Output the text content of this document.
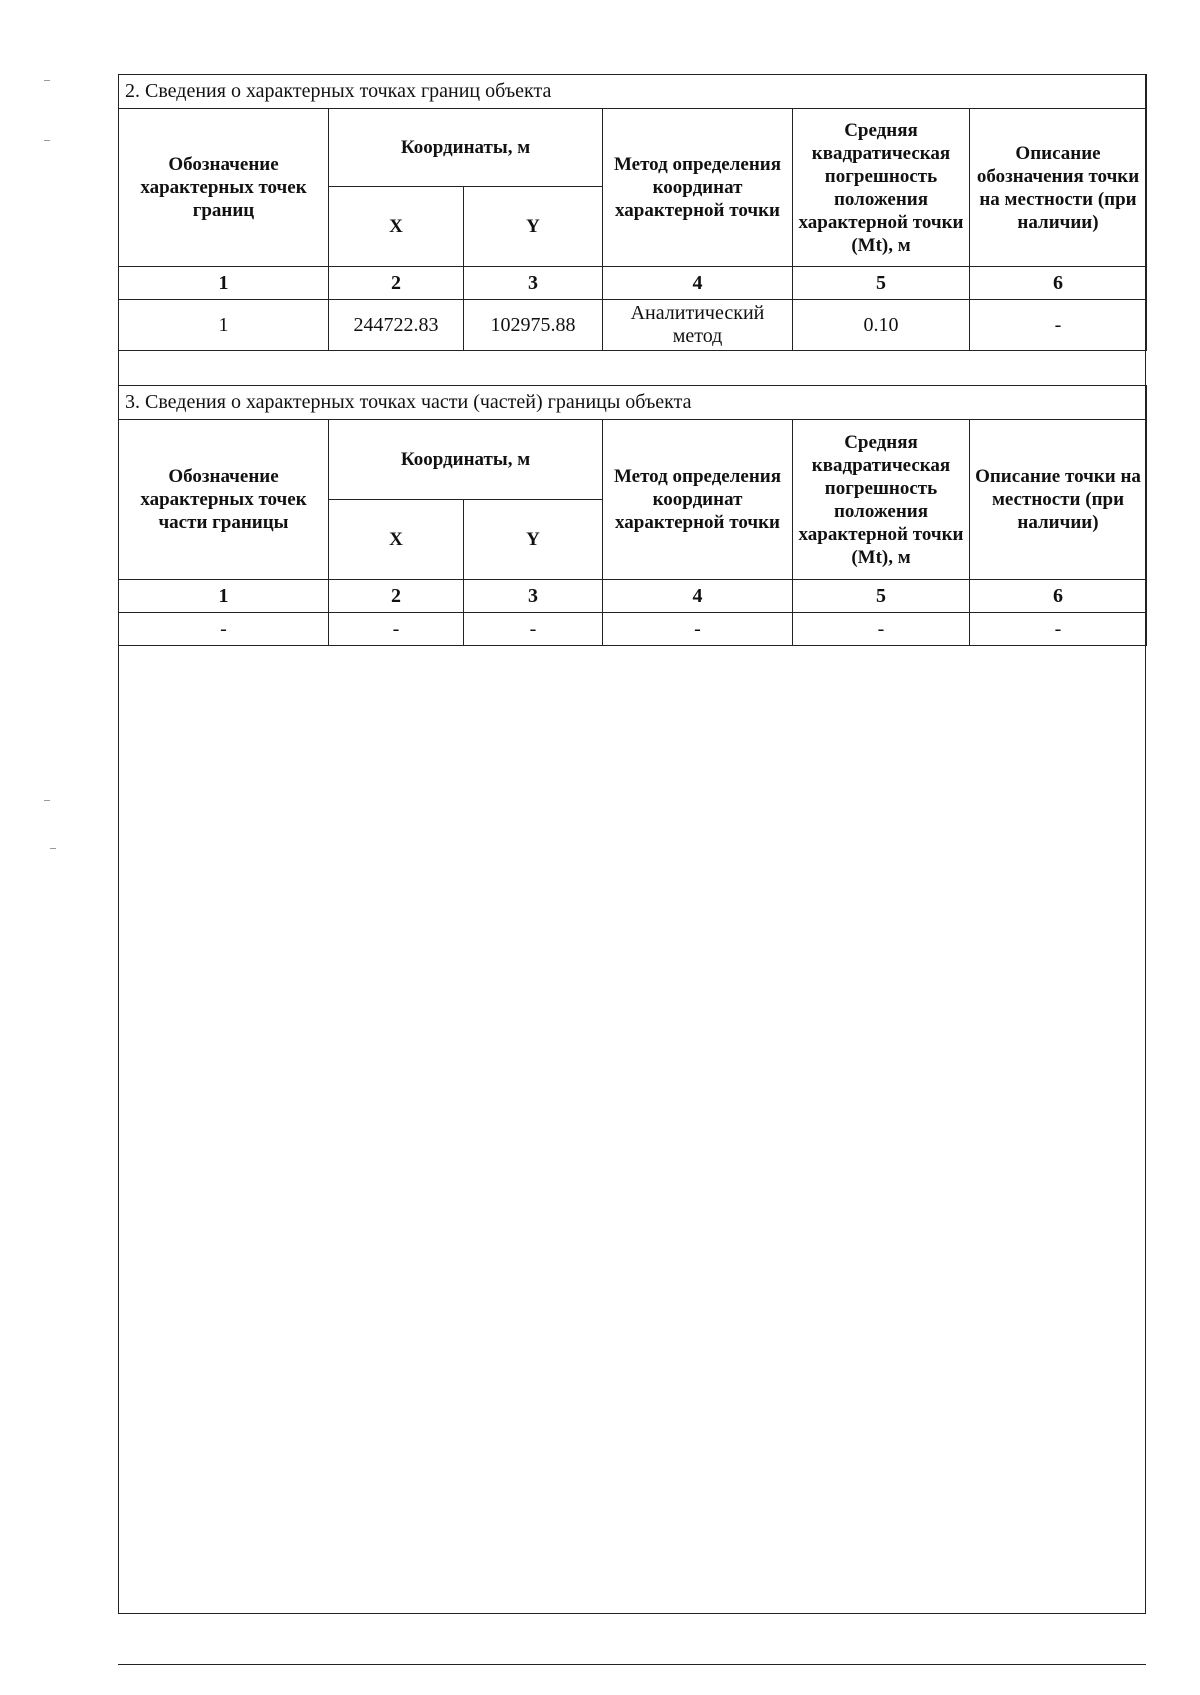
2. Сведения о характерных точках границ объекта					
Обозначение характерных точек границ	Координаты, м		Метод определения координат характерной точки	Средняя квадратическая погрешность положения характерной точки (Mt), м	Описание обозначения точки на местности (при наличии)
	X	Y			
1	2	3	4	5	6
1	244722.83	102975.88	Аналитический метод	0.10	-
3. Сведения о характерных точках части (частей) границы объекта					
Обозначение характерных точек части границы	Координаты, м		Метод определения координат характерной точки	Средняя квадратическая погрешность положения характерной точки (Mt), м	Описание точки на местности (при наличии)
	X	Y			
1	2	3	4	5	6
-	-	-	-	-	-
